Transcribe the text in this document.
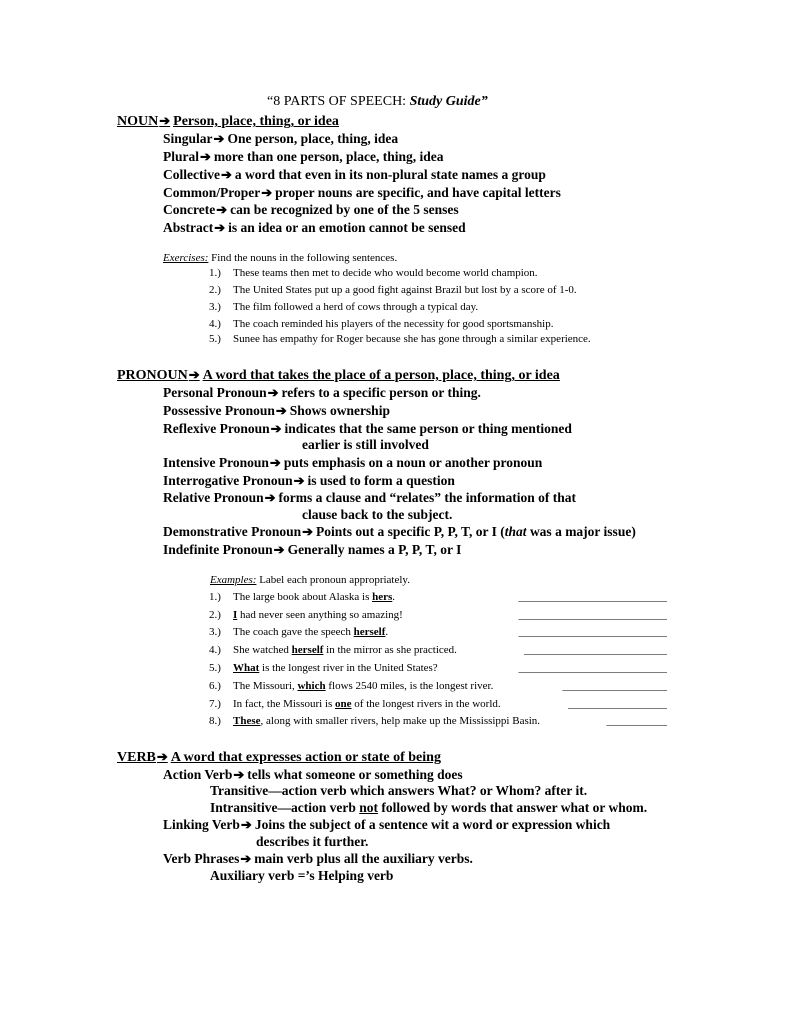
“8 PARTS OF SPEECH: Study Guide”
NOUN➔ Person, place, thing, or idea
Singular➔ One person, place, thing, idea
Plural➔ more than one person, place, thing, idea
Collective➔ a word that even in its non-plural state names a group
Common/Proper➔ proper nouns are specific, and have capital letters
Concrete➔ can be recognized by one of the 5 senses
Abstract➔ is an idea or an emotion cannot be sensed
Exercises: Find the nouns in the following sentences.
1.) These teams then met to decide who would become world champion.
2.) The United States put up a good fight against Brazil but lost by a score of 1-0.
3.) The film followed a herd of cows through a typical day.
4.) The coach reminded his players of the necessity for good sportsmanship.
5.) Sunee has empathy for Roger because she has gone through a similar experience.
PRONOUN➔ A word that takes the place of a person, place, thing, or idea
Personal Pronoun➔ refers to a specific person or thing.
Possessive Pronoun➔ Shows ownership
Reflexive Pronoun➔ indicates that the same person or thing mentioned
earlier is still involved
Intensive Pronoun➔ puts emphasis on a noun or another pronoun
Interrogative Pronoun➔ is used to form a question
Relative Pronoun➔ forms a clause and “relates” the information of that
clause back to the subject.
Demonstrative Pronoun➔ Points out a specific P, P, T, or I (that was a major issue)
Indefinite Pronoun➔ Generally names a P, P, T, or I
Examples: Label each pronoun appropriately.
1.) The large book about Alaska is hers.	___________________________
2.) I had never seen anything so amazing!	___________________________
3.) The coach gave the speech herself.	___________________________
4.) She watched herself in the mirror as she practiced.	__________________________
5.) What is the longest river in the United States?	___________________________
6.) The Missouri, which flows 2540 miles, is the longest river.	___________________
7.) In fact, the Missouri is one of the longest rivers in the world.	__________________
8.) These, along with smaller rivers, help make up the Mississippi Basin.	___________
VERB➔ A word that expresses action or state of being
Action Verb➔ tells what someone or something does
Transitive—action verb which answers What? or Whom? after it.
Intransitive—action verb not followed by words that answer what or whom.
Linking Verb➔ Joins the subject of a sentence wit a word or expression which
describes it further.
Verb Phrases➔ main verb plus all the auxiliary verbs.
Auxiliary verb =’s Helping verb
